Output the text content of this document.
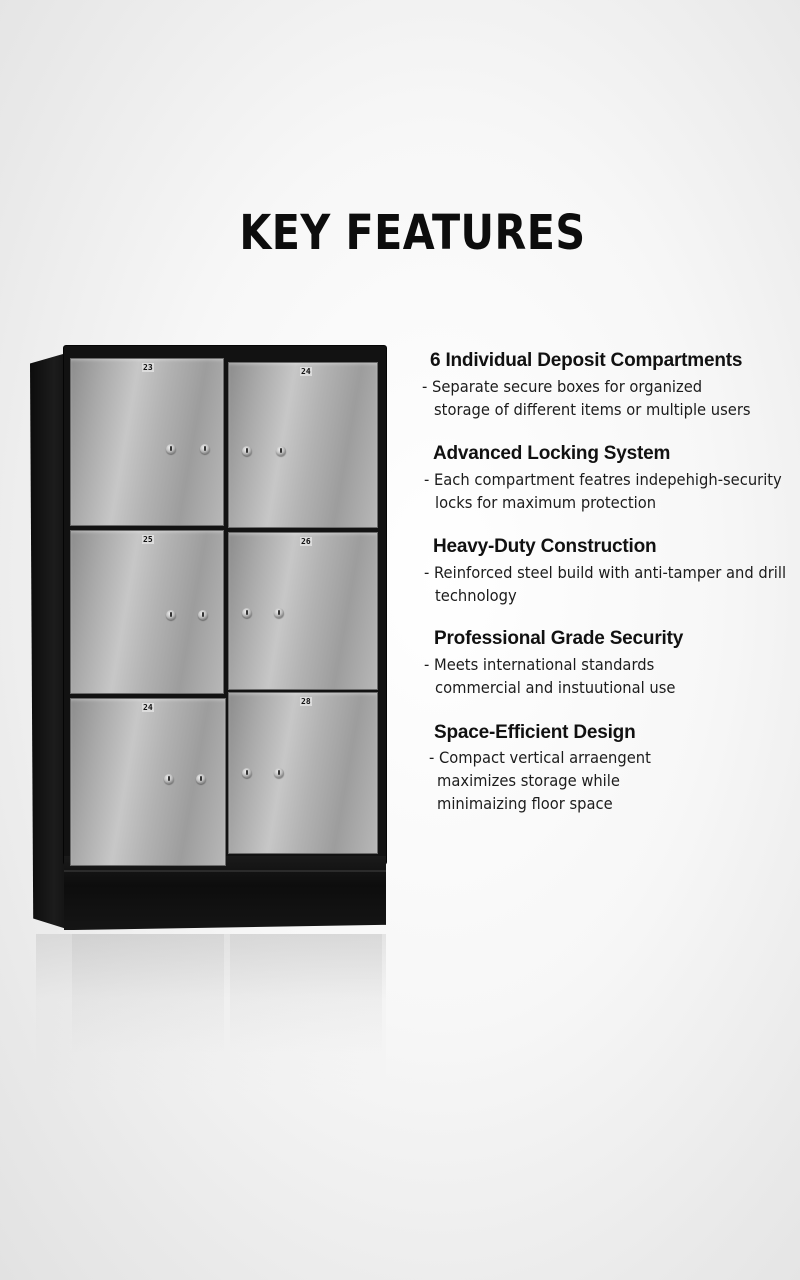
KEY FEATURES
23	24
25	26
24
28
6 Individual Deposit Compartments
- Separate secure boxes for organized
storage of different items or multiple users
Advanced Locking System
- Each compartment featres indepehigh-security
locks for maximum protection
Heavy-Duty Construction
- Reinforced steel build with anti-tamper and drill
technology
Professional Grade Security
- Meets international standards
commercial and instuutional use
Space-Efficient Design
- Compact vertical arraengent
maximizes storage while
minimaizing floor space
